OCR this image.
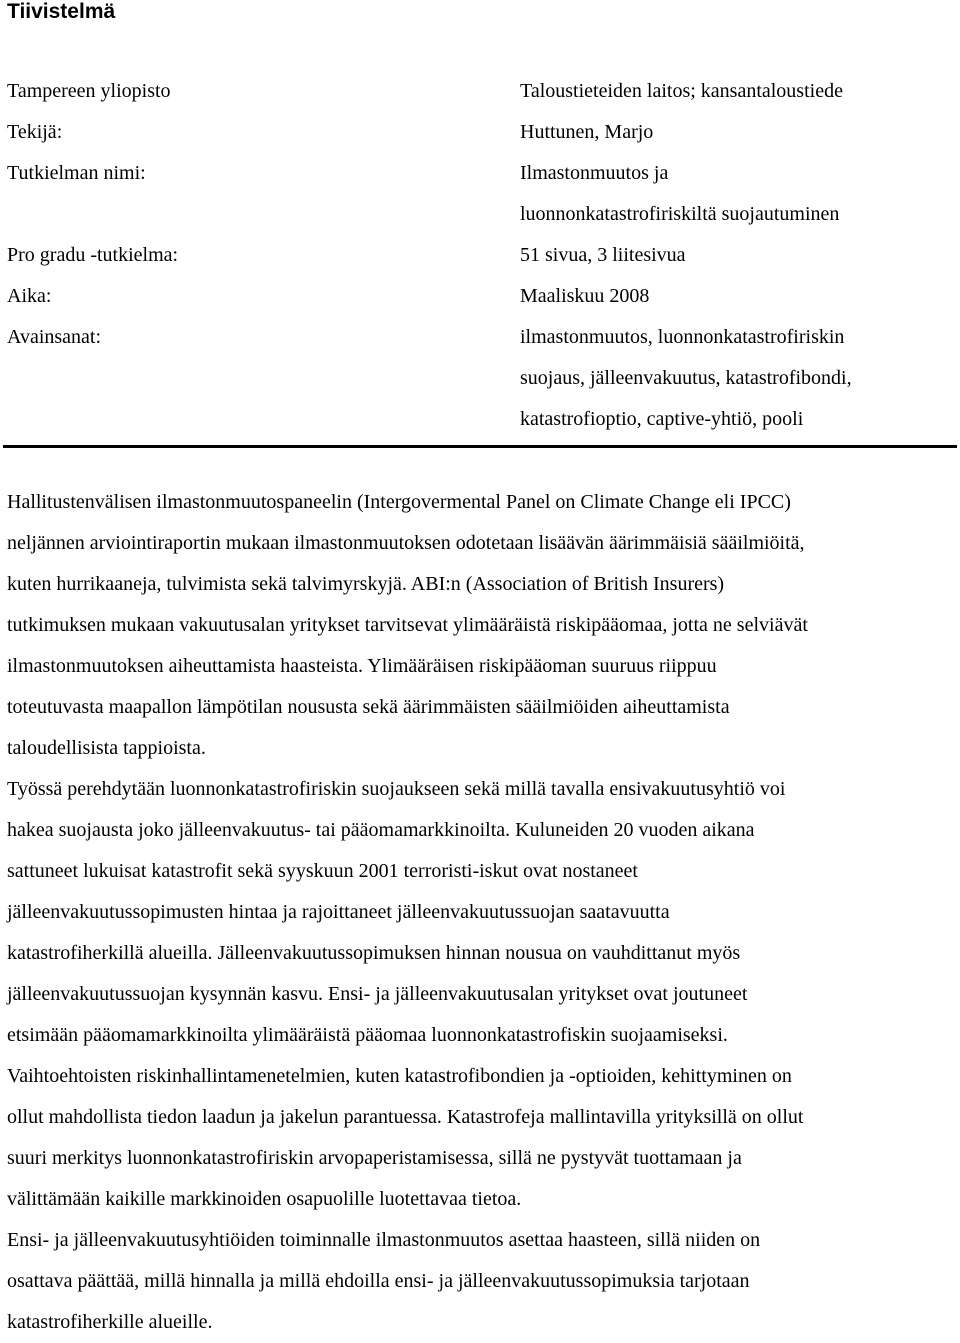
Tiivistelmä
Tampereen yliopisto	Taloustieteiden laitos; kansantaloustiede
Tekijä:	Huttunen, Marjo
Tutkielman nimi:	Ilmastonmuutos ja
luonnonkatastrofiriskiltä suojautuminen
Pro gradu -tutkielma:	51 sivua, 3 liitesivua
Aika:	Maaliskuu 2008
Avainsanat:	ilmastonmuutos, luonnonkatastrofiriskin
suojaus, jälleenvakuutus, katastrofibondi,
katastrofioptio, captive-yhtiö, pooli

Hallitustenvälisen ilmastonmuutospaneelin (Intergovermental Panel on Climate Change eli IPCC)
neljännen arviointiraportin mukaan ilmastonmuutoksen odotetaan lisäävän äärimmäisiä sääilmiöitä,
kuten hurrikaaneja, tulvimista sekä talvimyrskyjä. ABI:n (Association of British Insurers)
tutkimuksen mukaan vakuutusalan yritykset tarvitsevat ylimääräistä riskipääomaa, jotta ne selviävät
ilmastonmuutoksen aiheuttamista haasteista. Ylimääräisen riskipääoman suuruus riippuu
toteutuvasta maapallon lämpötilan noususta sekä äärimmäisten sääilmiöiden aiheuttamista
taloudellisista tappioista.

Työssä perehdytään luonnonkatastrofiriskin suojaukseen sekä millä tavalla ensivakuutusyhtiö voi
hakea suojausta joko jälleenvakuutus- tai pääomamarkkinoilta. Kuluneiden 20 vuoden aikana
sattuneet lukuisat katastrofit sekä syyskuun 2001 terroristi-iskut ovat nostaneet
jälleenvakuutussopimusten hintaa ja rajoittaneet jälleenvakuutussuojan saatavuutta
katastrofiherkillä alueilla. Jälleenvakuutussopimuksen hinnan nousua on vauhdittanut myös
jälleenvakuutussuojan kysynnän kasvu. Ensi- ja jälleenvakuutusalan yritykset ovat joutuneet
etsimään pääomamarkkinoilta ylimääräistä pääomaa luonnonkatastrofiskin suojaamiseksi.
Vaihtoehtoisten riskinhallintamenetelmien, kuten katastrofibondien ja -optioiden, kehittyminen on
ollut mahdollista tiedon laadun ja jakelun parantuessa. Katastrofeja mallintavilla yrityksillä on ollut
suuri merkitys luonnonkatastrofiriskin arvopaperistamisessa, sillä ne pystyvät tuottamaan ja
välittämään kaikille markkinoiden osapuolille luotettavaa tietoa.

Ensi- ja jälleenvakuutusyhtiöiden toiminnalle ilmastonmuutos asettaa haasteen, sillä niiden on
osattava päättää, millä hinnalla ja millä ehdoilla ensi- ja jälleenvakuutussopimuksia tarjotaan
katastrofiherkille alueille.
